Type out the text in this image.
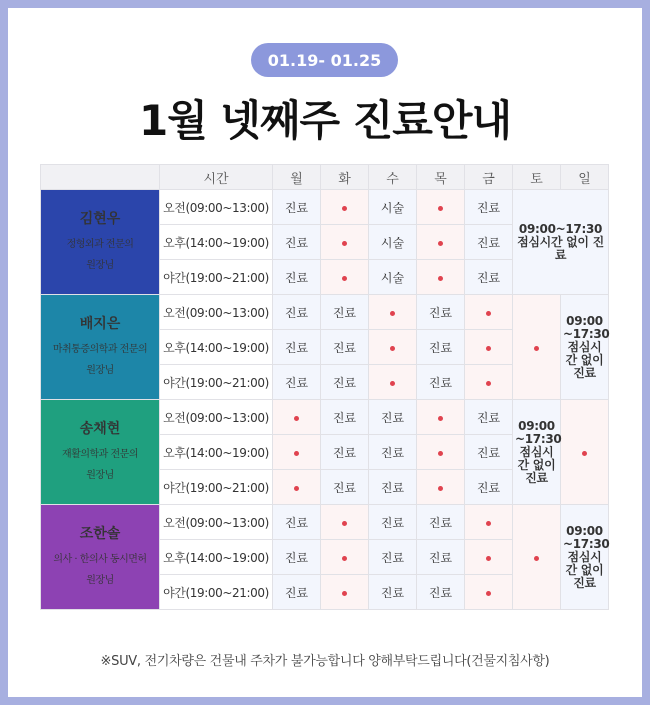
01.19- 01.25
1월 넷째주 진료안내
	시간	월	화	수	목	금	토	일

김현우
정형외과 전문의
원장님	오전(09:00~13:00)	진료		시술		진료	09:00~17:30 점심시간 없이 진료	
	오후(14:00~19:00)	진료		시술		진료		
	야간(19:00~21:00)	진료		시술		진료		

배지은
마취통증의학과 전문의
원장님	오전(09:00~13:00)	진료	진료		진료			09:00 ~17:30 점심시간 없이 진료
	오후(14:00~19:00)	진료	진료		진료			
	야간(19:00~21:00)	진료	진료		진료			

송채현
재활의학과 전문의
원장님	오전(09:00~13:00)		진료	진료		진료	09:00 ~17:30 점심시간 없이 진료	
	오후(14:00~19:00)		진료	진료		진료		
	야간(19:00~21:00)		진료	진료		진료		

조한솔
의사 · 한의사 동시면허
원장님	오전(09:00~13:00)	진료		진료	진료			09:00 ~17:30 점심시간 없이 진료
	오후(14:00~19:00)	진료		진료	진료			
	야간(19:00~21:00)	진료		진료	진료			
※SUV, 전기차량은 건물내 주차가 불가능합니다 양해부탁드립니다(건물지침사항)
